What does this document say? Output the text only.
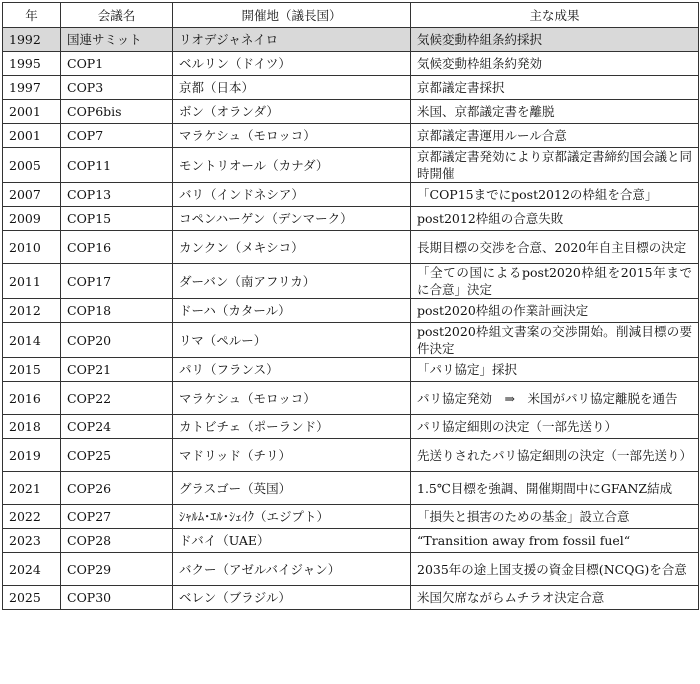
年	会議名	開催地（議長国）	主な成果
1992	国連サミット	リオデジャネイロ	気候変動枠組条約採択
1995	COP1	ベルリン（ドイツ）	気候変動枠組条約発効
1997	COP3	京都（日本）	京都議定書採択
2001	COP6bis	ボン（オランダ）	米国、京都議定書を離脱
2001	COP7	マラケシュ（モロッコ）	京都議定書運用ルール合意
2005	COP11	モントリオール（カナダ）	京都議定書発効により京都議定書締約国会議と同時開催
2007	COP13	バリ（インドネシア）	「COP15までにpost2012の枠組を合意」
2009	COP15	コペンハーゲン（デンマーク）	post2012枠組の合意失敗
2010	COP16	カンクン（メキシコ）	長期目標の交渉を合意、2020年自主目標の決定
2011	COP17	ダーバン（南アフリカ）	「全ての国によるpost2020枠組を2015年までに合意」決定
2012	COP18	ドーハ（カタール）	post2020枠組の作業計画決定
2014	COP20	リマ（ペルー）	post2020枠組文書案の交渉開始。削減目標の要件決定
2015	COP21	パリ（フランス）	「パリ協定」採択
2016	COP22	マラケシュ（モロッコ）	パリ協定発効　⇒　米国がパリ協定離脱を通告
2018	COP24	カトビチェ（ポーランド）	パリ協定細則の決定（一部先送り）
2019	COP25	マドリッド（チリ）	先送りされたパリ協定細則の決定（一部先送り）
2021	COP26	グラスゴー（英国）	1.5℃目標を強調、開催期間中にGFANZ結成
2022	COP27	ｼｬﾙﾑ･ｴﾙ･ｼｪｲｸ（エジプト）	「損失と損害のための基金」設立合意
2023	COP28	ドバイ（UAE）	“Transition away from fossil fuel“
2024	COP29	バクー（アゼルバイジャン）	2035年の途上国支援の資金目標(NCQG)を合意
2025	COP30	ベレン（ブラジル）	米国欠席ながらムチラオ決定合意
